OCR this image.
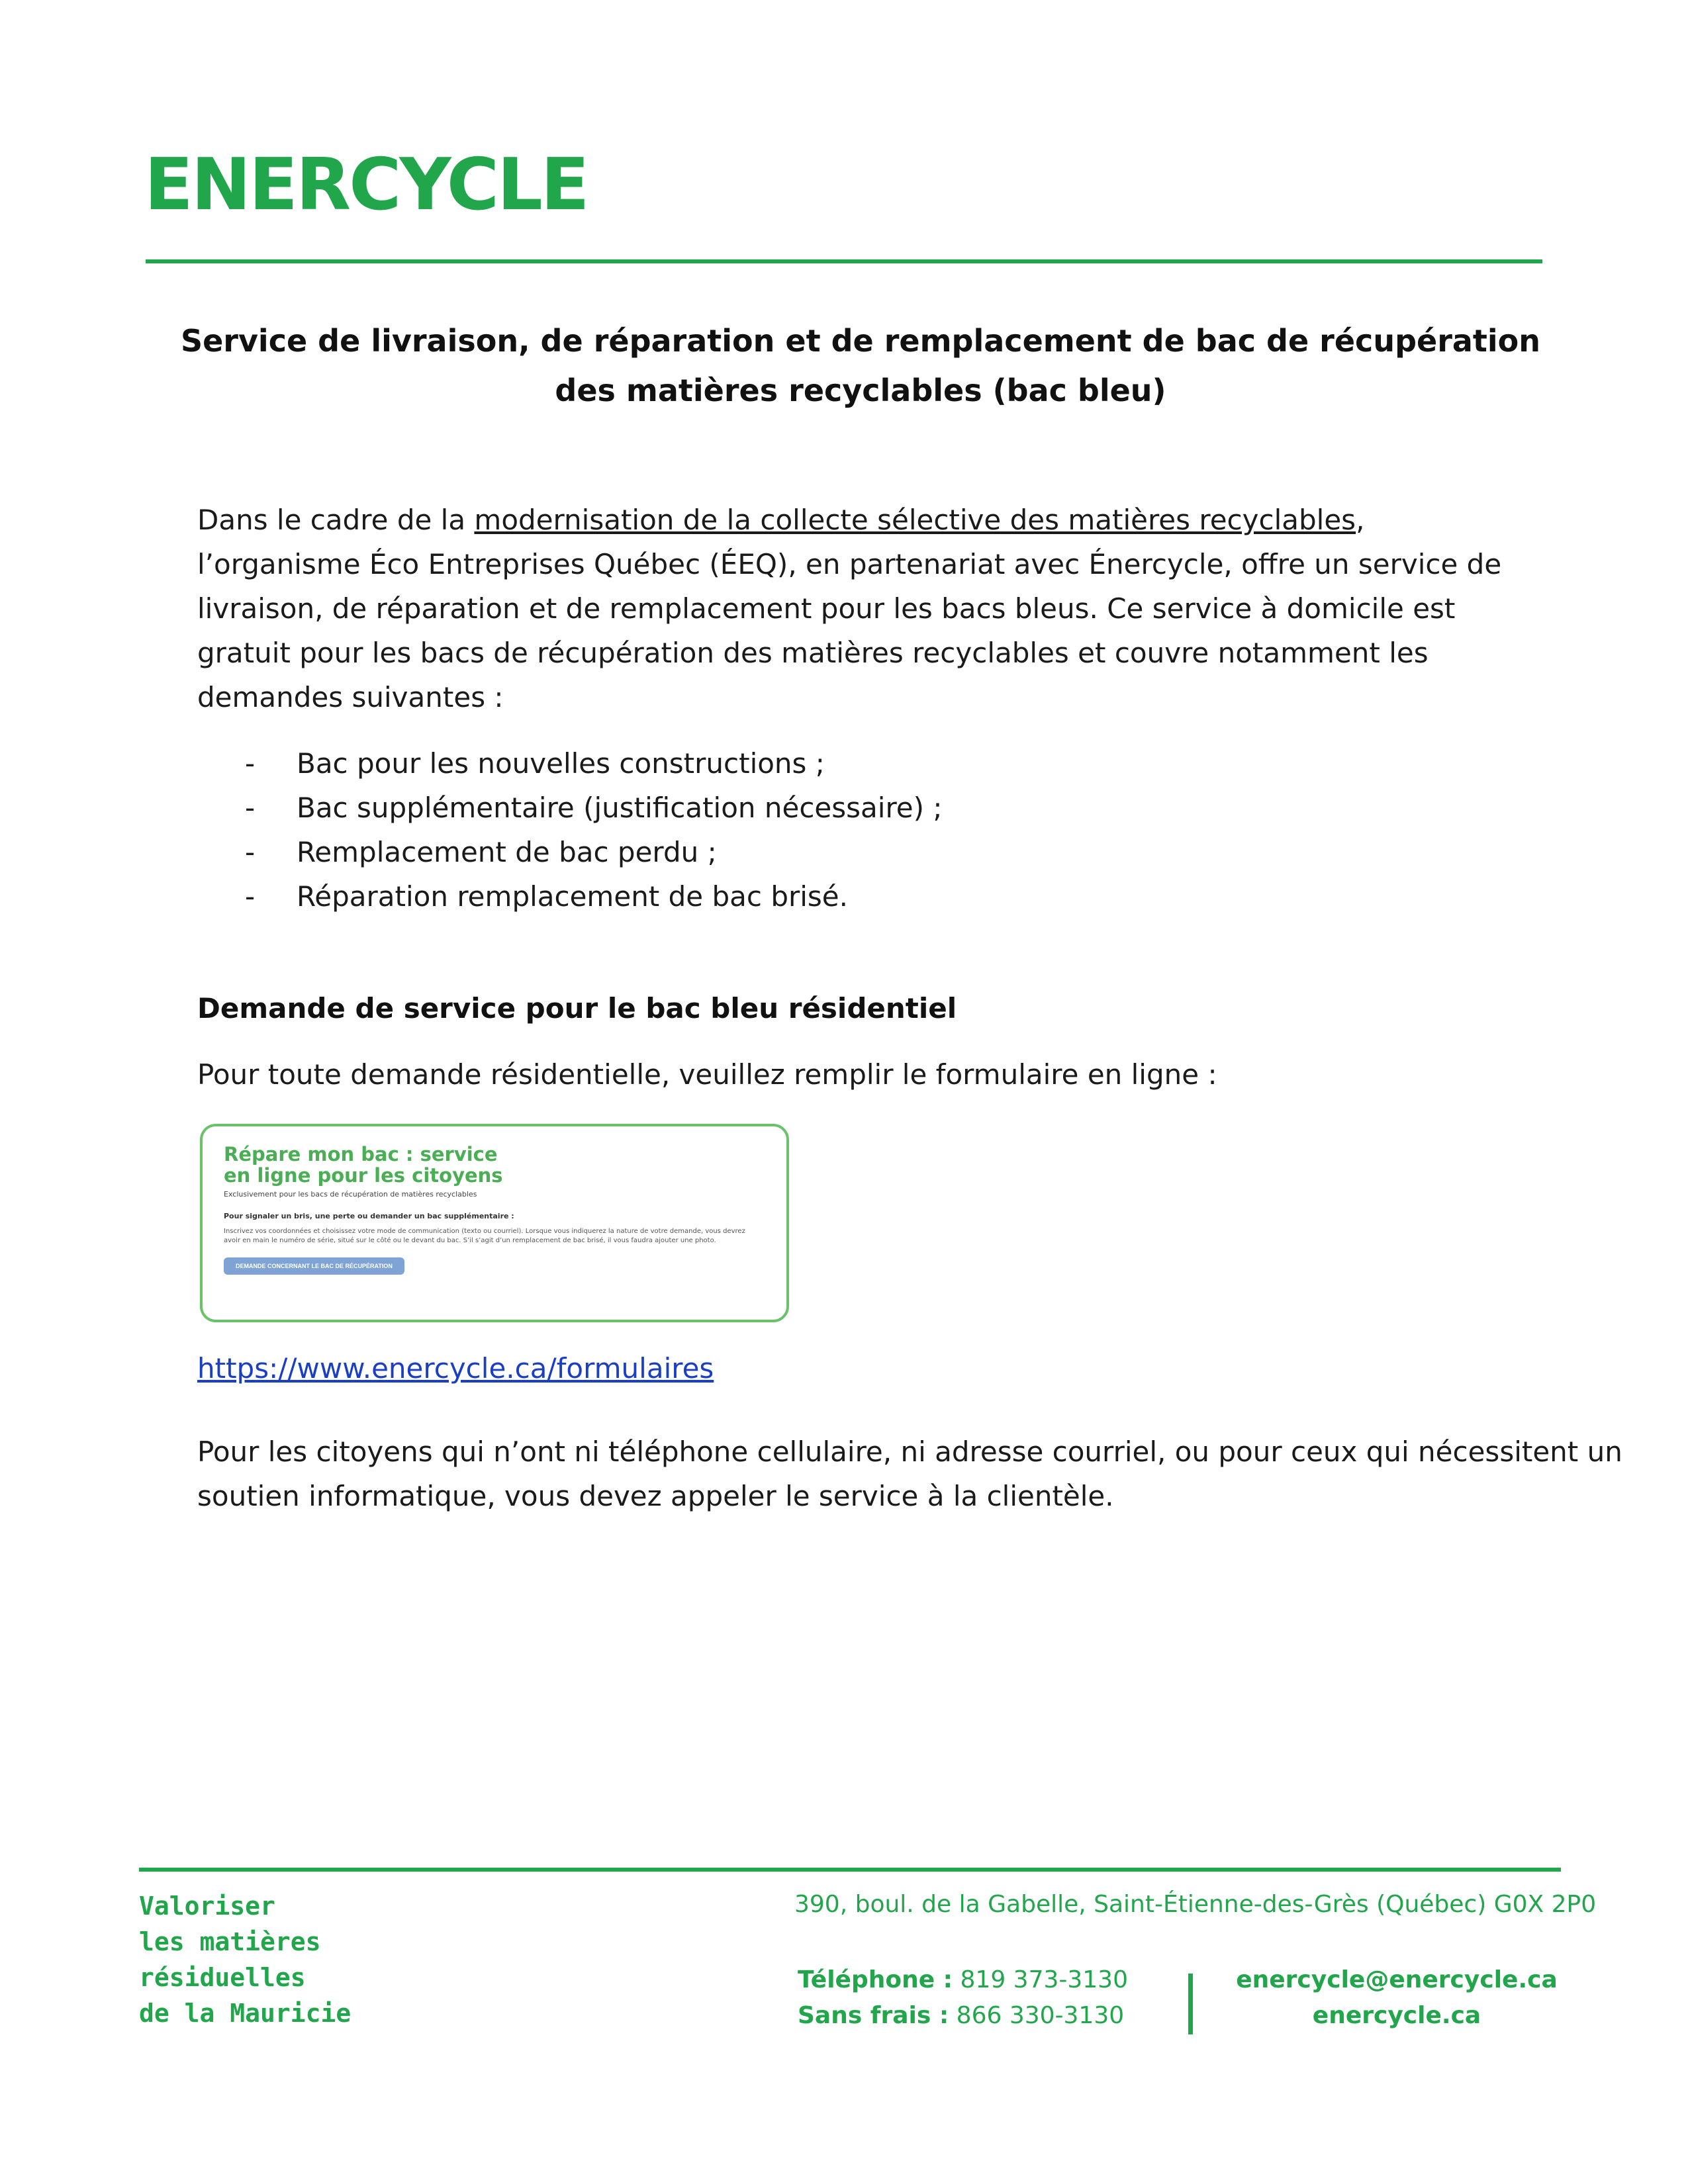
ENERCYCLE
Service de livraison, de réparation et de remplacement de bac de récupération
des matières recyclables (bac bleu)
Dans le cadre de la modernisation de la collecte sélective des matières recyclables,
l’organisme Éco Entreprises Québec (ÉEQ), en partenariat avec Énercycle, offre un service de
livraison, de réparation et de remplacement pour les bacs bleus. Ce service à domicile est
gratuit pour les bacs de récupération des matières recyclables et couvre notamment les
demandes suivantes :
- Bac pour les nouvelles constructions ;
- Bac supplémentaire (justification nécessaire) ;
- Remplacement de bac perdu ;
- Réparation remplacement de bac brisé.
Demande de service pour le bac bleu résidentiel
Pour toute demande résidentielle, veuillez remplir le formulaire en ligne :
Répare mon bac : service
en ligne pour les citoyens
Exclusivement pour les bacs de récupération de matières recyclables
Pour signaler un bris, une perte ou demander un bac supplémentaire :
Inscrivez vos coordonnées et choisissez votre mode de communication (texto ou courriel). Lorsque vous indiquerez la nature de votre demande, vous devrez avoir en main le numéro de série, situé sur le côté ou le devant du bac. S’il s’agit d’un remplacement de bac brisé, il vous faudra ajouter une photo.
DEMANDE CONCERNANT LE BAC DE RÉCUPÉRATION
https://www.enercycle.ca/formulaires
Pour les citoyens qui n’ont ni téléphone cellulaire, ni adresse courriel, ou pour ceux qui nécessitent un
soutien informatique, vous devez appeler le service à la clientèle.
Valoriser
les matières
résiduelles
de la Mauricie
390, boul. de la Gabelle, Saint-Étienne-des-Grès (Québec) G0X 2P0
Téléphone : 819 373-3130
Sans frais : 866 330-3130
enercycle@enercycle.ca
enercycle.ca
